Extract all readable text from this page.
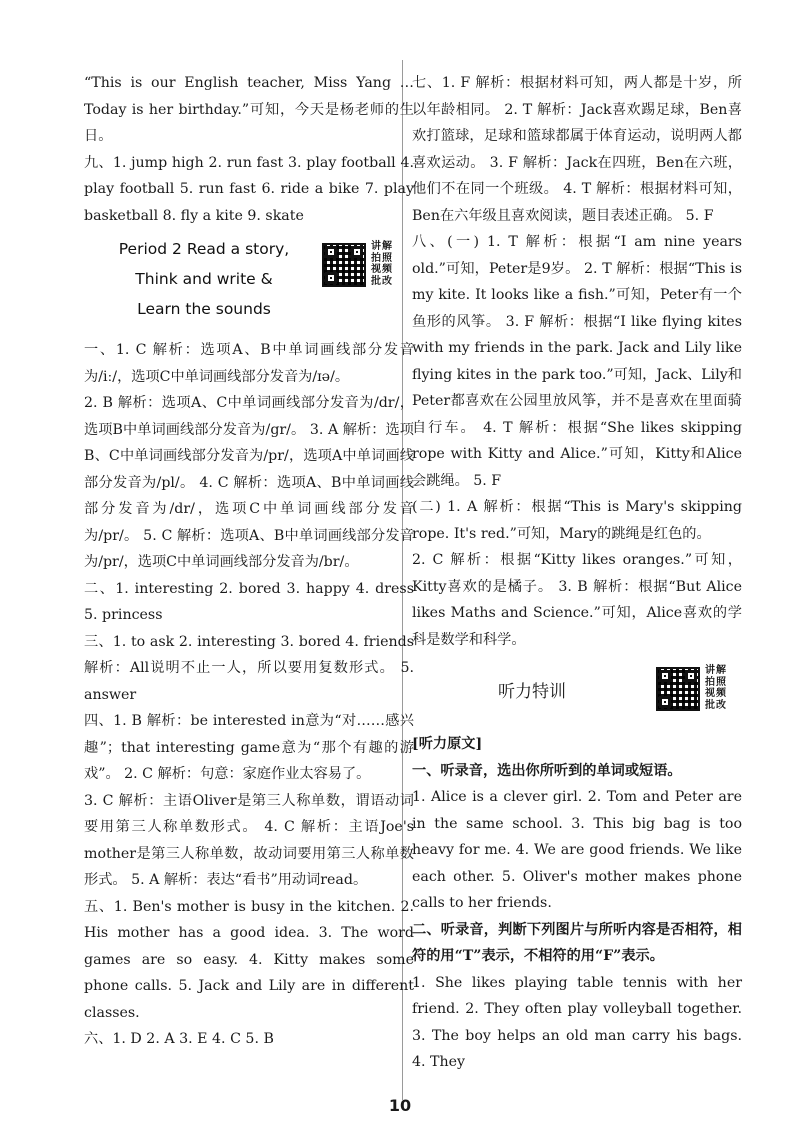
“This is our English teacher, Miss Yang … Today is her birthday.”可知，今天是杨老师的生日。

九、1. jump high 2. run fast 3. play football 4. play football 5. run fast 6. ride a bike 7. play basketball 8. fly a kite 9. skate

Period 2 Read a story,
Think and write &
Learn the sounds
讲解拍照视频批改

一、1. C 解析：选项A、B中单词画线部分发音为/iː/，选项C中单词画线部分发音为/ɪə/。

2. B 解析：选项A、C中单词画线部分发音为/dr/，选项B中单词画线部分发音为/gr/。 3. A 解析：选项B、C中单词画线部分发音为/pr/，选项A中单词画线部分发音为/pl/。 4. C 解析：选项A、B中单词画线部分发音为/dr/，选项C中单词画线部分发音为/pr/。 5. C 解析：选项A、B中单词画线部分发音为/pr/，选项C中单词画线部分发音为/br/。

二、1. interesting 2. bored 3. happy 4. dress 5. princess

三、1. to ask 2. interesting 3. bored 4. friends 解析：All说明不止一人，所以要用复数形式。 5. answer

四、1. B 解析：be interested in意为“对……感兴趣”；that interesting game意为“那个有趣的游戏”。 2. C 解析：句意：家庭作业太容易了。

3. C 解析：主语Oliver是第三人称单数，谓语动词要用第三人称单数形式。 4. C 解析：主语Joe's mother是第三人称单数，故动词要用第三人称单数形式。 5. A 解析：表达“看书”用动词read。

五、1. Ben's mother is busy in the kitchen. 2. His mother has a good idea. 3. The word games are so easy. 4. Kitty makes some phone calls. 5. Jack and Lily are in different classes.

六、1. D 2. A 3. E 4. C 5. B

七、1. F 解析：根据材料可知，两人都是十岁，所以年龄相同。 2. T 解析：Jack喜欢踢足球，Ben喜欢打篮球，足球和篮球都属于体育运动，说明两人都喜欢运动。 3. F 解析：Jack在四班，Ben在六班，他们不在同一个班级。 4. T 解析：根据材料可知，Ben在六年级且喜欢阅读，题目表述正确。 5. F

八、(一) 1. T 解析：根据“I am nine years old.”可知，Peter是9岁。 2. T 解析：根据“This is my kite. It looks like a fish.”可知，Peter有一个鱼形的风筝。 3. F 解析：根据“I like flying kites with my friends in the park. Jack and Lily like flying kites in the park too.”可知，Jack、Lily和Peter都喜欢在公园里放风筝，并不是喜欢在里面骑自行车。 4. T 解析：根据“She likes skipping rope with Kitty and Alice.”可知，Kitty和Alice会跳绳。 5. F

(二) 1. A 解析：根据“This is Mary's skipping rope. It's red.”可知，Mary的跳绳是红色的。

2. C 解析：根据“Kitty likes oranges.”可知，Kitty喜欢的是橘子。 3. B 解析：根据“But Alice likes Maths and Science.”可知，Alice喜欢的学科是数学和科学。

听力特训
讲解拍照视频批改

[听力原文]

一、听录音，选出你所听到的单词或短语。

1. Alice is a clever girl. 2. Tom and Peter are in the same school. 3. This big bag is too heavy for me. 4. We are good friends. We like each other. 5. Oliver's mother makes phone calls to her friends.

二、听录音，判断下列图片与所听内容是否相符，相符的用“T”表示，不相符的用“F”表示。

1. She likes playing table tennis with her friend. 2. They often play volleyball together. 3. The boy helps an old man carry his bags. 4. They

10
